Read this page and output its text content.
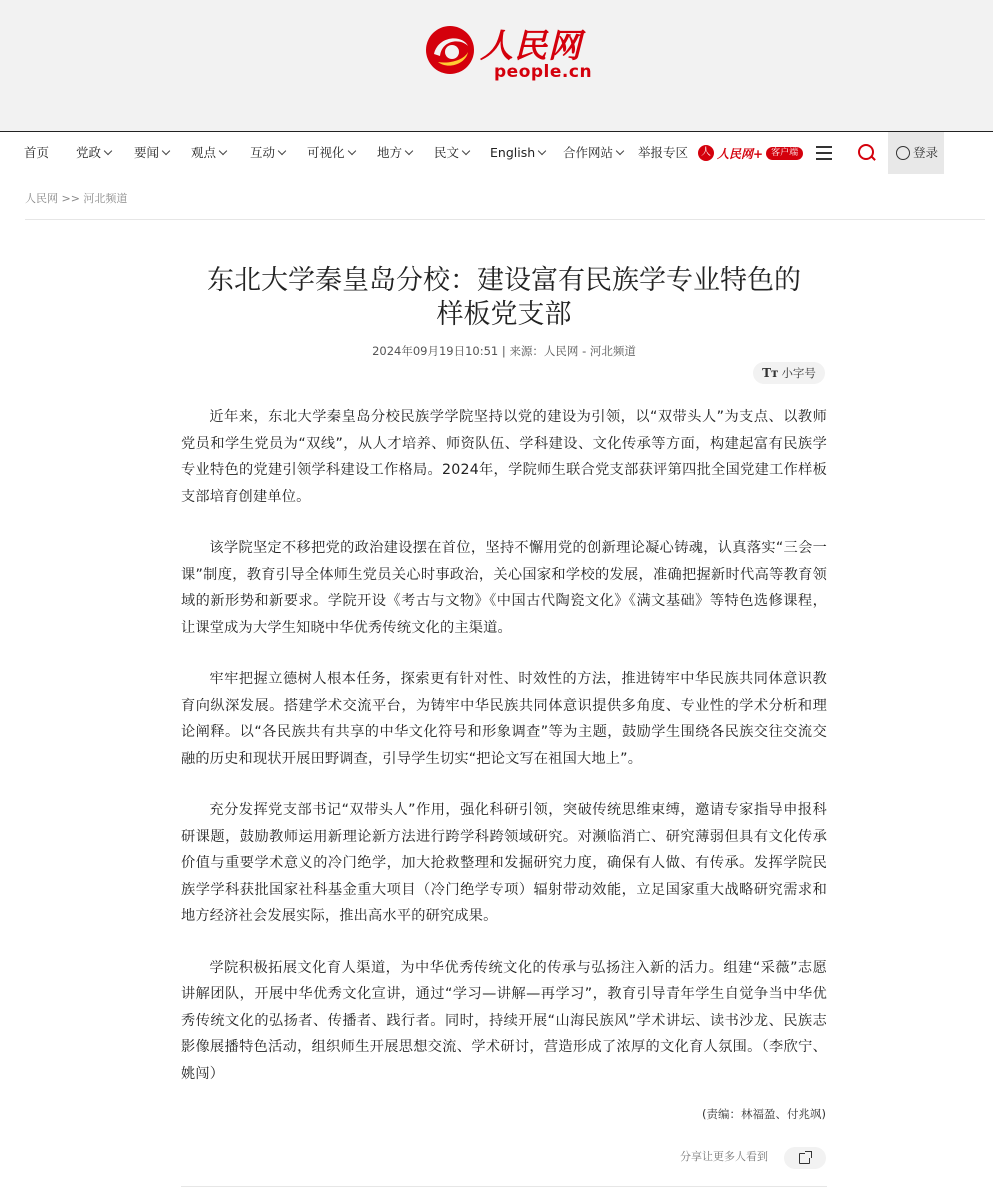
人民网
people.cn
人 人民网+ 客户端	登录
首页 党政	要闻	观点	互动	可视化	地方	民文	English	合作网站	举报专区
人民网 >> 河北频道
东北大学秦皇岛分校：建设富有民族学专业特色的
样板党支部
2024年09月19日10:51 | 来源：人民网 - 河北频道
Tт 小字号

近年来，东北大学秦皇岛分校民族学学院坚持以党的建设为引领，以“双带头人”为支点、以教师党员和学生党员为“双线”，从人才培养、师资队伍、学科建设、文化传承等方面，构建起富有民族学专业特色的党建引领学科建设工作格局。2024年，学院师生联合党支部获评第四批全国党建工作样板支部培育创建单位。

该学院坚定不移把党的政治建设摆在首位，坚持不懈用党的创新理论凝心铸魂，认真落实“三会一课”制度，教育引导全体师生党员关心时事政治，关心国家和学校的发展，准确把握新时代高等教育领域的新形势和新要求。学院开设《考古与文物》《中国古代陶瓷文化》《满文基础》等特色选修课程，让课堂成为大学生知晓中华优秀传统文化的主渠道。

牢牢把握立德树人根本任务，探索更有针对性、时效性的方法，推进铸牢中华民族共同体意识教育向纵深发展。搭建学术交流平台，为铸牢中华民族共同体意识提供多角度、专业性的学术分析和理论阐释。以“各民族共有共享的中华文化符号和形象调查”等为主题，鼓励学生围绕各民族交往交流交融的历史和现状开展田野调查，引导学生切实“把论文写在祖国大地上”。

充分发挥党支部书记“双带头人”作用，强化科研引领，突破传统思维束缚，邀请专家指导申报科研课题，鼓励教师运用新理论新方法进行跨学科跨领域研究。对濒临消亡、研究薄弱但具有文化传承价值与重要学术意义的冷门绝学，加大抢救整理和发掘研究力度，确保有人做、有传承。发挥学院民族学学科获批国家社科基金重大项目（冷门绝学专项）辐射带动效能，立足国家重大战略研究需求和地方经济社会发展实际，推出高水平的研究成果。

学院积极拓展文化育人渠道，为中华优秀传统文化的传承与弘扬注入新的活力。组建“采薇”志愿讲解团队，开展中华优秀文化宣讲，通过“学习—讲解—再学习”，教育引导青年学生自觉争当中华优秀传统文化的弘扬者、传播者、践行者。同时，持续开展“山海民族风”学术讲坛、读书沙龙、民族志影像展播特色活动，组织师生开展思想交流、学术研讨，营造形成了浓厚的文化育人氛围。（李欣宁、姚闯）

(责编：林福盈、付兆飒)
分享让更多人看到
